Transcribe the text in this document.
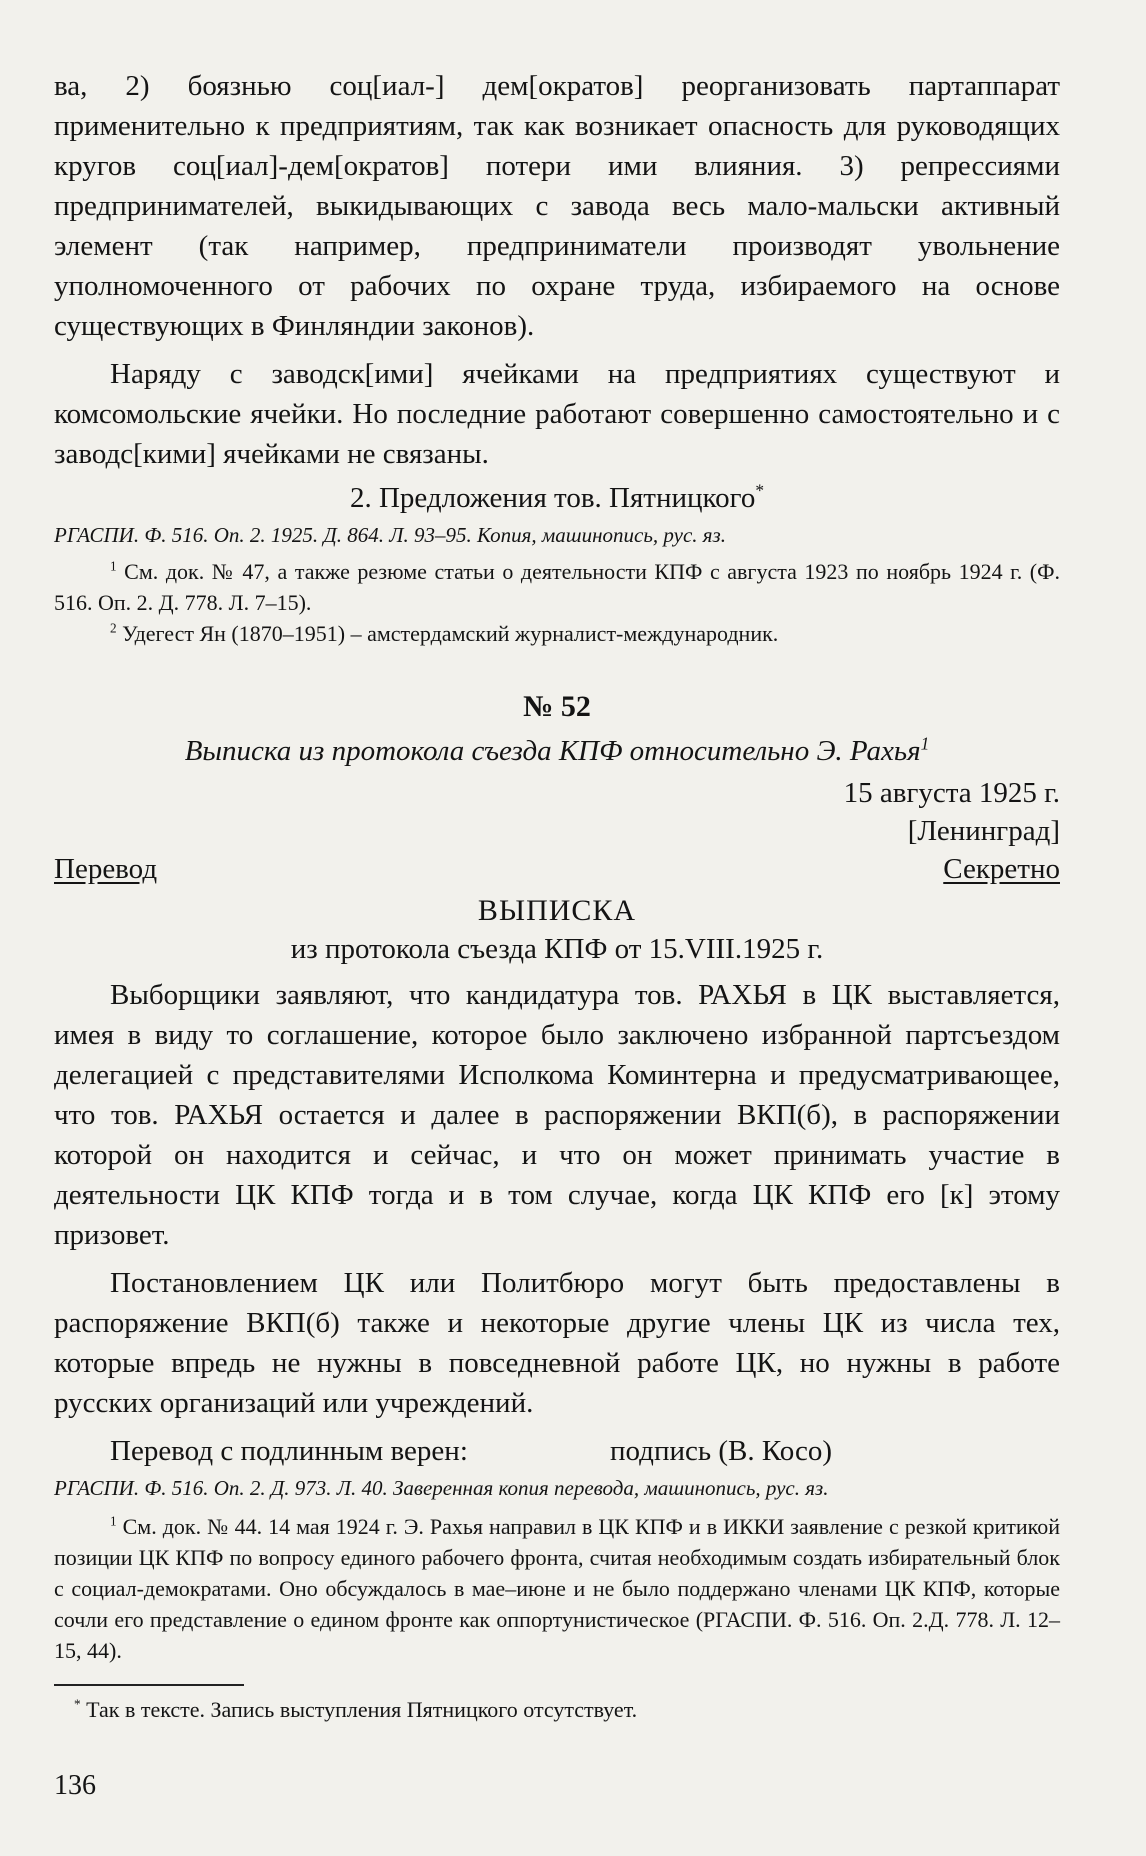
ва, 2) боязнью соц[иал-] дем[ократов] реорганизовать партаппарат применительно к предприятиям, так как возникает опасность для руководящих кругов соц[иал]-дем[ократов] потери ими влияния. 3) репрессиями предпринимателей, выкидывающих с завода весь мало-мальски активный элемент (так например, предприниматели производят увольнение уполномоченного от рабочих по охране труда, избираемого на основе существующих в Финляндии законов).

Наряду с заводск[ими] ячейками на предприятиях существуют и комсомольские ячейки. Но последние работают совершенно самостоятельно и с заводс[кими] ячейками не связаны.

2. Предложения тов. Пятницкого*

РГАСПИ. Ф. 516. Оп. 2. 1925. Д. 864. Л. 93–95. Копия, машинопись, рус. яз.

$^1$ См. док. № 47, а также резюме статьи о деятельности КПФ с августа 1923 по ноябрь 1924 г. (Ф. 516. Оп. 2. Д. 778. Л. 7–15).

$^2$ Удегест Ян (1870–1951) – амстердамский журналист-международник.

№ 52

Выписка из протокола съезда КПФ относительно Э. Рахья$^1$

15 августа 1925 г.

[Ленинград]

Перевод	Секретно

ВЫПИСКА

из протокола съезда КПФ от 15.VIII.1925 г.

Выборщики заявляют, что кандидатура тов. РАХЬЯ в ЦК выставляется, имея в виду то соглашение, которое было заключено избранной партсъездом делегацией с представителями Исполкома Коминтерна и предусматривающее, что тов. РАХЬЯ остается и далее в распоряжении ВКП(б), в распоряжении которой он находится и сейчас, и что он может принимать участие в деятельности ЦК КПФ тогда и в том случае, когда ЦК КПФ его [к] этому призовет.

Постановлением ЦК или Политбюро могут быть предоставлены в распоряжение ВКП(б) также и некоторые другие члены ЦК из числа тех, которые впредь не нужны в повседневной работе ЦК, но нужны в работе русских организаций или учреждений.

Перевод с подлинным верен:	подпись (В. Косо)

РГАСПИ. Ф. 516. Оп. 2. Д. 973. Л. 40. Заверенная копия перевода, машинопись, рус. яз.

$^1$ См. док. № 44. 14 мая 1924 г. Э. Рахья направил в ЦК КПФ и в ИККИ заявление с резкой критикой позиции ЦК КПФ по вопросу единого рабочего фронта, считая необходимым создать избирательный блок с социал-демократами. Оно обсуждалось в мае–июне и не было поддержано членами ЦК КПФ, которые сочли его представление о едином фронте как оппортунистическое (РГАСПИ. Ф. 516. Оп. 2.Д. 778. Л. 12–15, 44).

* Так в тексте. Запись выступления Пятницкого отсутствует.

136
